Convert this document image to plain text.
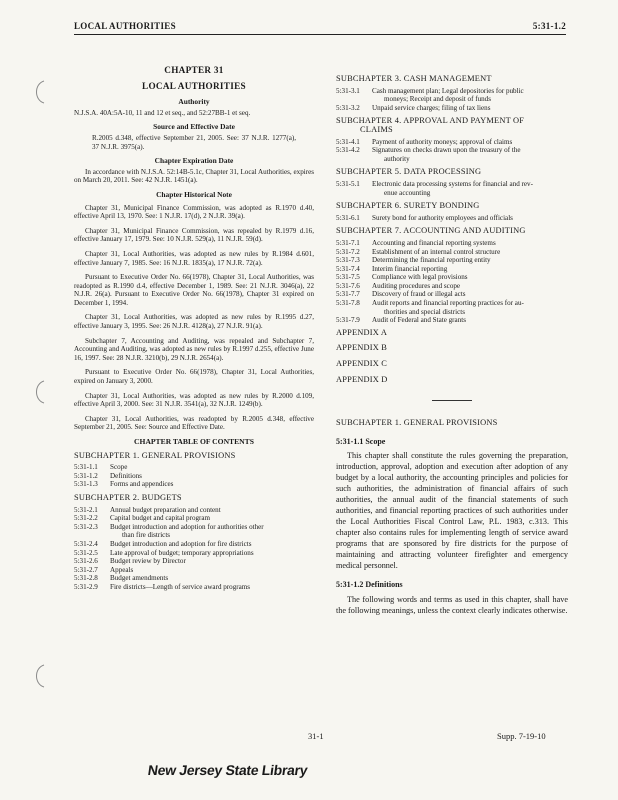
LOCAL AUTHORITIES	5:31-1.2
CHAPTER 31
LOCAL AUTHORITIES
Authority
N.J.S.A. 40A:5A-10, 11 and 12 et seq., and 52:27BB-1 et seq.
Source and Effective Date
R.2005 d.348, effective September 21, 2005. See: 37 N.J.R. 1277(a), 37 N.J.R. 3975(a).
Chapter Expiration Date
In accordance with N.J.S.A. 52:14B-5.1c, Chapter 31, Local Authorities, expires on March 20, 2011. See: 42 N.J.R. 1451(a).
Chapter Historical Note
Chapter 31, Municipal Finance Commission, was adopted as R.1970 d.40, effective April 13, 1970. See: 1 N.J.R. 17(d), 2 N.J.R. 39(a).
Chapter 31, Municipal Finance Commission, was repealed by R.1979 d.16, effective January 17, 1979. See: 10 N.J.R. 529(a), 11 N.J.R. 59(d).
Chapter 31, Local Authorities, was adopted as new rules by R.1984 d.601, effective January 7, 1985. See: 16 N.J.R. 1835(a), 17 N.J.R. 72(a).
Pursuant to Executive Order No. 66(1978), Chapter 31, Local Authorities, was readopted as R.1990 d.4, effective December 1, 1989. See: 21 N.J.R. 3046(a), 22 N.J.R. 26(a). Pursuant to Executive Order No. 66(1978), Chapter 31 expired on December 1, 1994.
Chapter 31, Local Authorities, was adopted as new rules by R.1995 d.27, effective January 3, 1995. See: 26 N.J.R. 4128(a), 27 N.J.R. 91(a).
Subchapter 7, Accounting and Auditing, was repealed and Subchapter 7, Accounting and Auditing, was adopted as new rules by R.1997 d.255, effective June 16, 1997. See: 28 N.J.R. 3210(b), 29 N.J.R. 2654(a).
Pursuant to Executive Order No. 66(1978), Chapter 31, Local Authorities, expired on January 3, 2000.
Chapter 31, Local Authorities, was adopted as new rules by R.2000 d.109, effective April 3, 2000. See: 31 N.J.R. 3541(a), 32 N.J.R. 1249(b).
Chapter 31, Local Authorities, was readopted by R.2005 d.348, effective September 21, 2005. See: Source and Effective Date.
CHAPTER TABLE OF CONTENTS
SUBCHAPTER 1. GENERAL PROVISIONS
5:31-1.1	Scope
5:31-1.2	Definitions
5:31-1.3	Forms and appendices
SUBCHAPTER 2. BUDGETS
5:31-2.1	Annual budget preparation and content
5:31-2.2	Capital budget and capital program
5:31-2.3	Budget introduction and adoption for authorities other
than fire districts
5:31-2.4	Budget introduction and adoption for fire districts
5:31-2.5	Late approval of budget; temporary appropriations
5:31-2.6	Budget review by Director
5:31-2.7	Appeals
5:31-2.8	Budget amendments
5:31-2.9	Fire districts—Length of service award programs
SUBCHAPTER 3. CASH MANAGEMENT
5:31-3.1	Cash management plan; Legal depositories for public
moneys; Receipt and deposit of funds
5:31-3.2	Unpaid service charges; filing of tax liens
SUBCHAPTER 4. APPROVAL AND PAYMENT OF
CLAIMS
5:31-4.1	Payment of authority moneys; approval of claims
5:31-4.2	Signatures on checks drawn upon the treasury of the
authority
SUBCHAPTER 5. DATA PROCESSING
5:31-5.1	Electronic data processing systems for financial and rev-
enue accounting
SUBCHAPTER 6. SURETY BONDING
5:31-6.1	Surety bond for authority employees and officials
SUBCHAPTER 7. ACCOUNTING AND AUDITING
5:31-7.1	Accounting and financial reporting systems
5:31-7.2	Establishment of an internal control structure
5:31-7.3	Determining the financial reporting entity
5:31-7.4	Interim financial reporting
5:31-7.5	Compliance with legal provisions
5:31-7.6	Auditing procedures and scope
5:31-7.7	Discovery of fraud or illegal acts
5:31-7.8	Audit reports and financial reporting practices for au-
thorities and special districts
5:31-7.9	Audit of Federal and State grants
APPENDIX A
APPENDIX B
APPENDIX C
APPENDIX D
SUBCHAPTER 1. GENERAL PROVISIONS
5:31-1.1 Scope
This chapter shall constitute the rules governing the preparation, introduction, approval, adoption and execution after adoption of any budget by a local authority, the accounting principles and policies for such authorities, the administration of financial affairs of such authorities, the annual audit of the financial statements of such authorities, and financial reporting practices of such authorities under the Local Authorities Fiscal Control Law, P.L. 1983, c.313. This chapter also contains rules for implementing length of service award programs that are sponsored by fire districts for the purpose of maintaining and attracting volunteer firefighter and emergency medical personnel.
5:31-1.2 Definitions
The following words and terms as used in this chapter, shall have the following meanings, unless the context clearly indicates otherwise.
31-1	Supp. 7-19-10
New Jersey State Library
